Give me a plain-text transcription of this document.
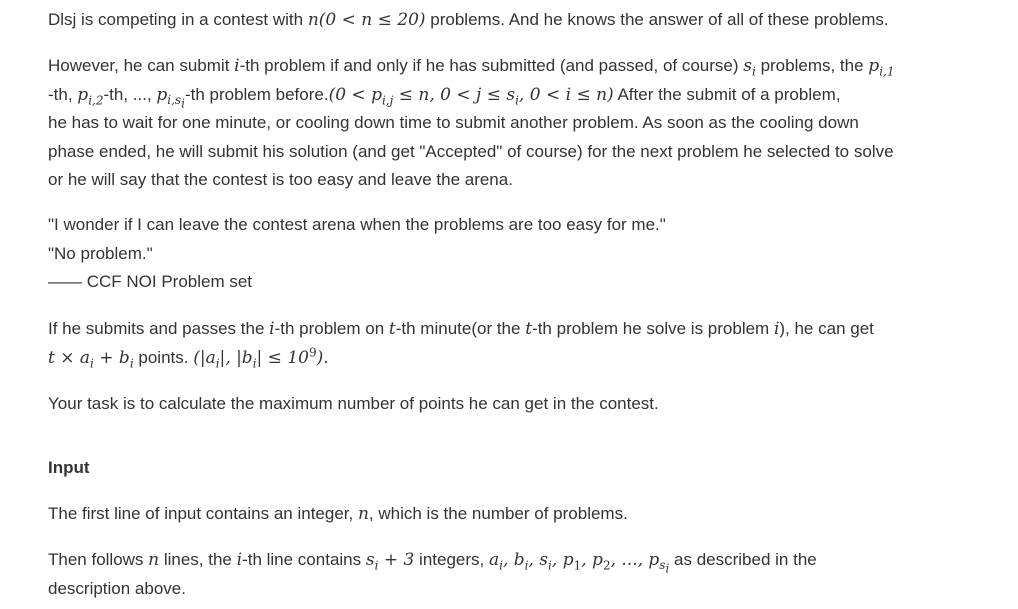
Dlsj is competing in a contest with n(0 < n ≤ 20) problems. And he knows the answer of all of these problems.

However, he can submit i-th problem if and only if he has submitted (and passed, of course) $s_i$ problems, the $p_{i,1}$
-th, $p_{i,2}-th$, ..., $p_{i,s_i}-th$ problem before.(0 < $p_{i,j} \le n$, $0 < j \le s_i$, 0 < i ≤ n) After the submit of a problem,
he has to wait for one minute, or cooling down time to submit another problem. As soon as the cooling down
phase ended, he will submit his solution (and get "Accepted" of course) for the next problem he selected to solve
or he will say that the contest is too easy and leave the arena.

"I wonder if I can leave the contest arena when the problems are too easy for me."
"No problem."
—— CCF NOI Problem set

If he submits and passes the i-th problem on t-th minute(or the t-th problem he solve is problem i), he can get
$t \times a_i + b_i$ points. ($|a_i|$, $|b_i| \le 10^9$).

Your task is to calculate the maximum number of points he can get in the contest.

Input

The first line of input contains an integer, n, which is the number of problems.

Then follows n lines, the i-th line contains $s_i + 3$ integers, $a_i$, $b_i$, $s_i$, $p_1$, $p_2$, ..., $p_{s_i}$ as described in the
description above.
